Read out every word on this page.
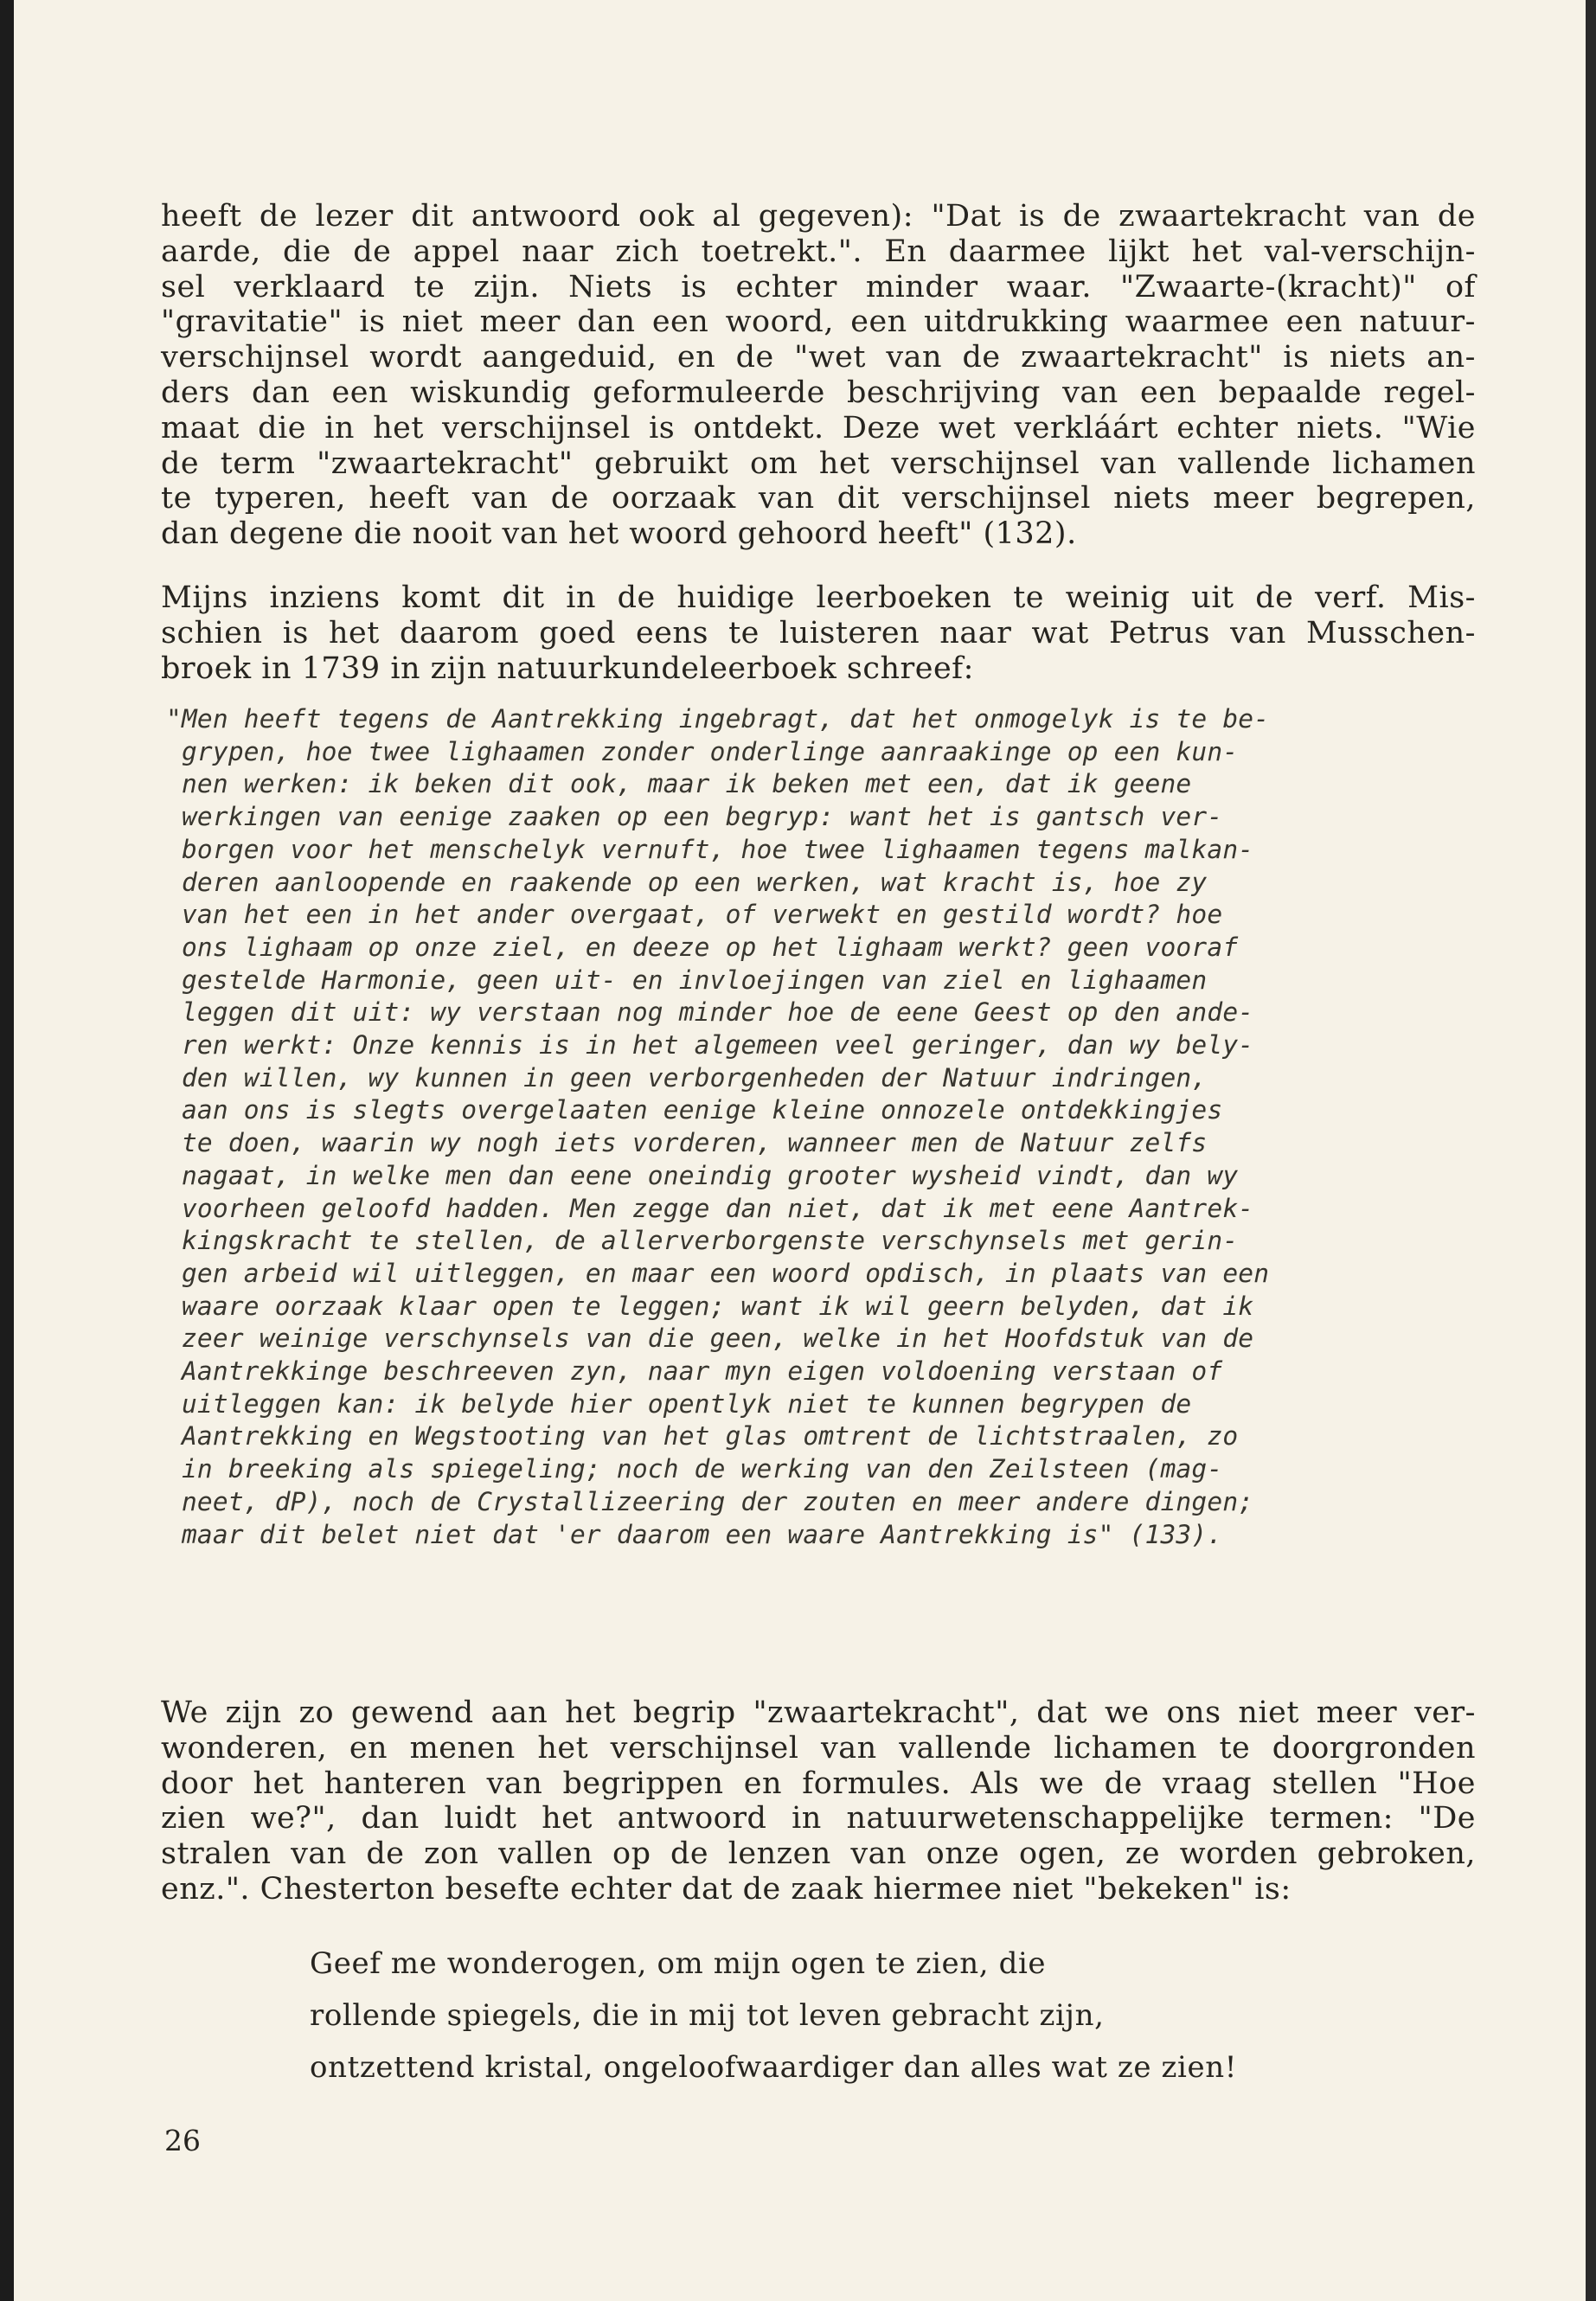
heeft de lezer dit antwoord ook al gegeven): "Dat is de zwaartekracht van de
aarde, die de appel naar zich toetrekt.". En daarmee lijkt het val-verschijn-
sel verklaard te zijn. Niets is echter minder waar. "Zwaarte-(kracht)" of
"gravitatie" is niet meer dan een woord, een uitdrukking waarmee een natuur-
verschijnsel wordt aangeduid, en de "wet van de zwaartekracht" is niets an-
ders dan een wiskundig geformuleerde beschrijving van een bepaalde regel-
maat die in het verschijnsel is ontdekt. Deze wet verkláárt echter niets. "Wie
de term "zwaartekracht" gebruikt om het verschijnsel van vallende lichamen
te typeren, heeft van de oorzaak van dit verschijnsel niets meer begrepen,
dan degene die nooit van het woord gehoord heeft" (132).
Mijns inziens komt dit in de huidige leerboeken te weinig uit de verf. Mis-
schien is het daarom goed eens te luisteren naar wat Petrus van Musschen-
broek in 1739 in zijn natuurkundeleerboek schreef:
"Men heeft tegens de Aantrekking ingebragt, dat het onmogelyk is te be-
grypen, hoe twee lighaamen zonder onderlinge aanraakinge op een kun-
nen werken: ik beken dit ook, maar ik beken met een, dat ik geene
werkingen van eenige zaaken op een begryp: want het is gantsch ver-
borgen voor het menschelyk vernuft, hoe twee lighaamen tegens malkan-
deren aanloopende en raakende op een werken, wat kracht is, hoe zy
van het een in het ander overgaat, of verwekt en gestild wordt? hoe
ons lighaam op onze ziel, en deeze op het lighaam werkt? geen vooraf
gestelde Harmonie, geen uit- en invloejingen van ziel en lighaamen
leggen dit uit: wy verstaan nog minder hoe de eene Geest op den ande-
ren werkt: Onze kennis is in het algemeen veel geringer, dan wy bely-
den willen, wy kunnen in geen verborgenheden der Natuur indringen,
aan ons is slegts overgelaaten eenige kleine onnozele ontdekkingjes
te doen, waarin wy nogh iets vorderen, wanneer men de Natuur zelfs
nagaat, in welke men dan eene oneindig grooter wysheid vindt, dan wy
voorheen geloofd hadden. Men zegge dan niet, dat ik met eene Aantrek-
kingskracht te stellen, de allerverborgenste verschynsels met gerin-
gen arbeid wil uitleggen, en maar een woord opdisch, in plaats van een
waare oorzaak klaar open te leggen; want ik wil geern belyden, dat ik
zeer weinige verschynsels van die geen, welke in het Hoofdstuk van de
Aantrekkinge beschreeven zyn, naar myn eigen voldoening verstaan of
uitleggen kan: ik belyde hier opentlyk niet te kunnen begrypen de
Aantrekking en Wegstooting van het glas omtrent de lichtstraalen, zo
in breeking als spiegeling; noch de werking van den Zeilsteen (mag-
neet, dP), noch de Crystallizeering der zouten en meer andere dingen;
maar dit belet niet dat 'er daarom een waare Aantrekking is" (133).
We zijn zo gewend aan het begrip "zwaartekracht", dat we ons niet meer ver-
wonderen, en menen het verschijnsel van vallende lichamen te doorgronden
door het hanteren van begrippen en formules. Als we de vraag stellen "Hoe
zien we?", dan luidt het antwoord in natuurwetenschappelijke termen: "De
stralen van de zon vallen op de lenzen van onze ogen, ze worden gebroken,
enz.". Chesterton besefte echter dat de zaak hiermee niet "bekeken" is:
Geef me wonderogen, om mijn ogen te zien, die
rollende spiegels, die in mij tot leven gebracht zijn,
ontzettend kristal, ongeloofwaardiger dan alles wat ze zien!
26
